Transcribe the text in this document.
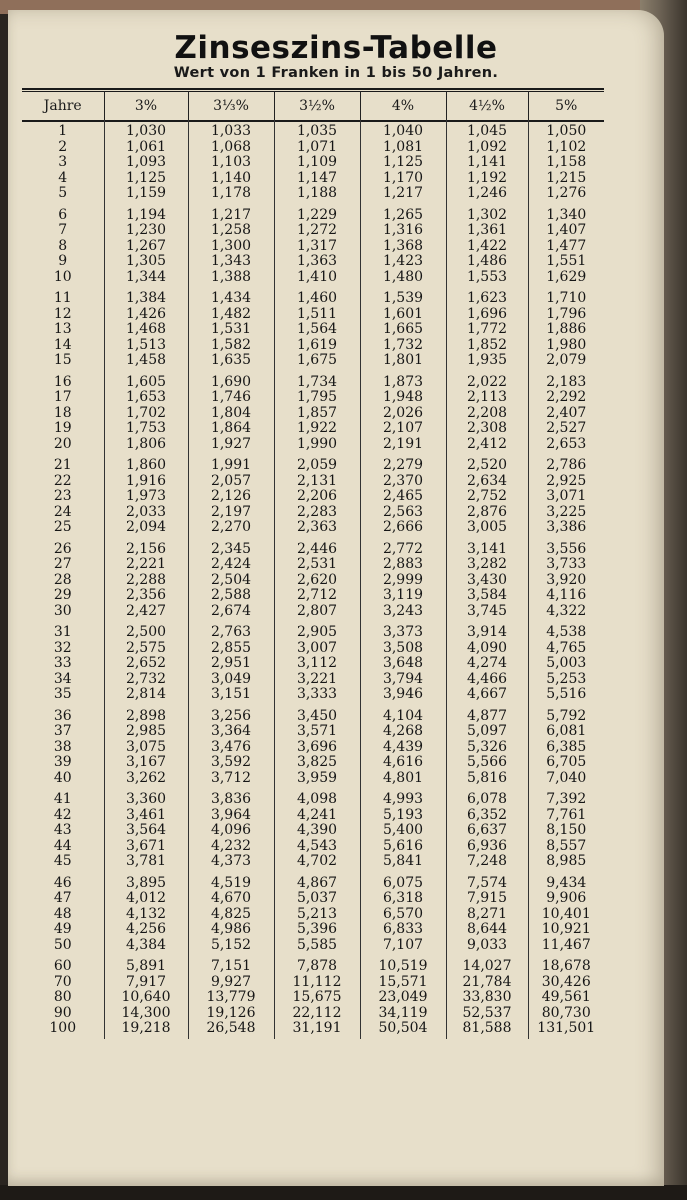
Zinseszins-Tabelle

Wert von 1 Franken in 1 bis 50 Jahren.

Jahre	3%	3⅓%	3½%	4%	4½%	5%
1	1,030	1,033	1,035	1,040	1,045	1,050
2	1,061	1,068	1,071	1,081	1,092	1,102
3	1,093	1,103	1,109	1,125	1,141	1,158
4	1,125	1,140	1,147	1,170	1,192	1,215
5	1,159	1,178	1,188	1,217	1,246	1,276
6	1,194	1,217	1,229	1,265	1,302	1,340
7	1,230	1,258	1,272	1,316	1,361	1,407
8	1,267	1,300	1,317	1,368	1,422	1,477
9	1,305	1,343	1,363	1,423	1,486	1,551
10	1,344	1,388	1,410	1,480	1,553	1,629
11	1,384	1,434	1,460	1,539	1,623	1,710
12	1,426	1,482	1,511	1,601	1,696	1,796
13	1,468	1,531	1,564	1,665	1,772	1,886
14	1,513	1,582	1,619	1,732	1,852	1,980
15	1,458	1,635	1,675	1,801	1,935	2,079
16	1,605	1,690	1,734	1,873	2,022	2,183
17	1,653	1,746	1,795	1,948	2,113	2,292
18	1,702	1,804	1,857	2,026	2,208	2,407
19	1,753	1,864	1,922	2,107	2,308	2,527
20	1,806	1,927	1,990	2,191	2,412	2,653
21	1,860	1,991	2,059	2,279	2,520	2,786
22	1,916	2,057	2,131	2,370	2,634	2,925
23	1,973	2,126	2,206	2,465	2,752	3,071
24	2,033	2,197	2,283	2,563	2,876	3,225
25	2,094	2,270	2,363	2,666	3,005	3,386
26	2,156	2,345	2,446	2,772	3,141	3,556
27	2,221	2,424	2,531	2,883	3,282	3,733
28	2,288	2,504	2,620	2,999	3,430	3,920
29	2,356	2,588	2,712	3,119	3,584	4,116
30	2,427	2,674	2,807	3,243	3,745	4,322
31	2,500	2,763	2,905	3,373	3,914	4,538
32	2,575	2,855	3,007	3,508	4,090	4,765
33	2,652	2,951	3,112	3,648	4,274	5,003
34	2,732	3,049	3,221	3,794	4,466	5,253
35	2,814	3,151	3,333	3,946	4,667	5,516
36	2,898	3,256	3,450	4,104	4,877	5,792
37	2,985	3,364	3,571	4,268	5,097	6,081
38	3,075	3,476	3,696	4,439	5,326	6,385
39	3,167	3,592	3,825	4,616	5,566	6,705
40	3,262	3,712	3,959	4,801	5,816	7,040
41	3,360	3,836	4,098	4,993	6,078	7,392
42	3,461	3,964	4,241	5,193	6,352	7,761
43	3,564	4,096	4,390	5,400	6,637	8,150
44	3,671	4,232	4,543	5,616	6,936	8,557
45	3,781	4,373	4,702	5,841	7,248	8,985
46	3,895	4,519	4,867	6,075	7,574	9,434
47	4,012	4,670	5,037	6,318	7,915	9,906
48	4,132	4,825	5,213	6,570	8,271	10,401
49	4,256	4,986	5,396	6,833	8,644	10,921
50	4,384	5,152	5,585	7,107	9,033	11,467
60	5,891	7,151	7,878	10,519	14,027	18,678
70	7,917	9,927	11,112	15,571	21,784	30,426
80	10,640	13,779	15,675	23,049	33,830	49,561
90	14,300	19,126	22,112	34,119	52,537	80,730
100	19,218	26,548	31,191	50,504	81,588	131,501
